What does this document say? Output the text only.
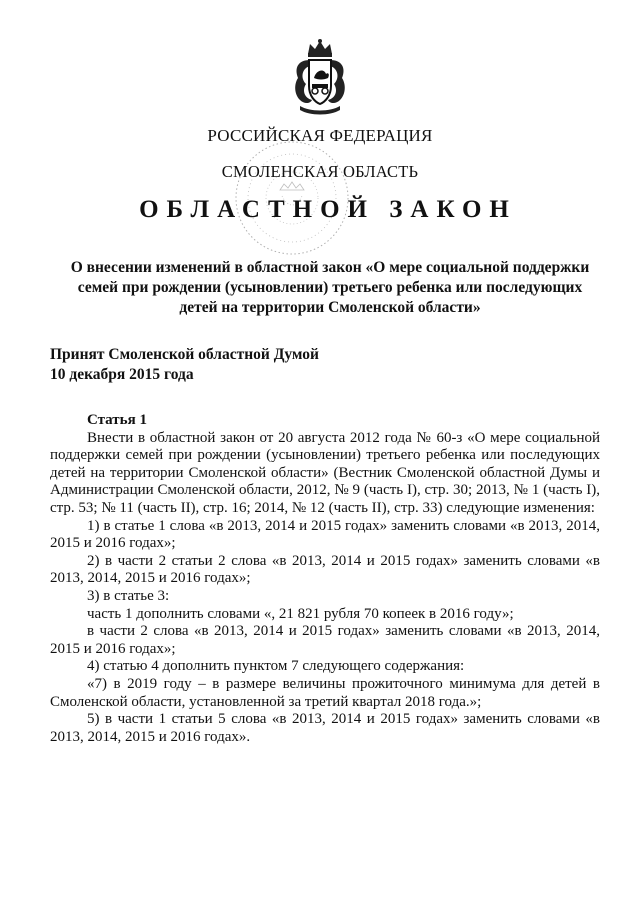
РОССИЙСКАЯ ФЕДЕРАЦИЯ
СМОЛЕНСКАЯ ОБЛАСТЬ
ОБЛАСТНОЙ ЗАКОН
О внесении изменений в областной закон «О мере социальной поддержки семей при рождении (усыновлении) третьего ребенка или последующих детей на территории Смоленской области»
Принят Смоленской областной Думой
10 декабря 2015 года

Статья 1

Внести в областной закон от 20 августа 2012 года № 60-з «О мере социальной поддержки семей при рождении (усыновлении) третьего ребенка или последующих детей на территории Смоленской области» (Вестник Смоленской областной Думы и Администрации Смоленской области, 2012, № 9 (часть I), стр. 30; 2013, № 1 (часть I), стр. 53; № 11 (часть II), стр. 16; 2014, № 12 (часть II), стр. 33) следующие изменения:

1) в статье 1 слова «в 2013, 2014 и 2015 годах» заменить словами «в 2013, 2014, 2015 и 2016 годах»;

2) в части 2 статьи 2 слова «в 2013, 2014 и 2015 годах» заменить словами «в 2013, 2014, 2015 и 2016 годах»;

3) в статье 3:

часть 1 дополнить словами «, 21 821 рубля 70 копеек в 2016 году»;

в части 2 слова «в 2013, 2014 и 2015 годах» заменить словами «в 2013, 2014, 2015 и 2016 годах»;

4) статью 4 дополнить пунктом 7 следующего содержания:

«7) в 2019 году – в размере величины прожиточного минимума для детей в Смоленской области, установленной за третий квартал 2018 года.»;

5) в части 1 статьи 5 слова «в 2013, 2014 и 2015 годах» заменить словами «в 2013, 2014, 2015 и 2016 годах».
